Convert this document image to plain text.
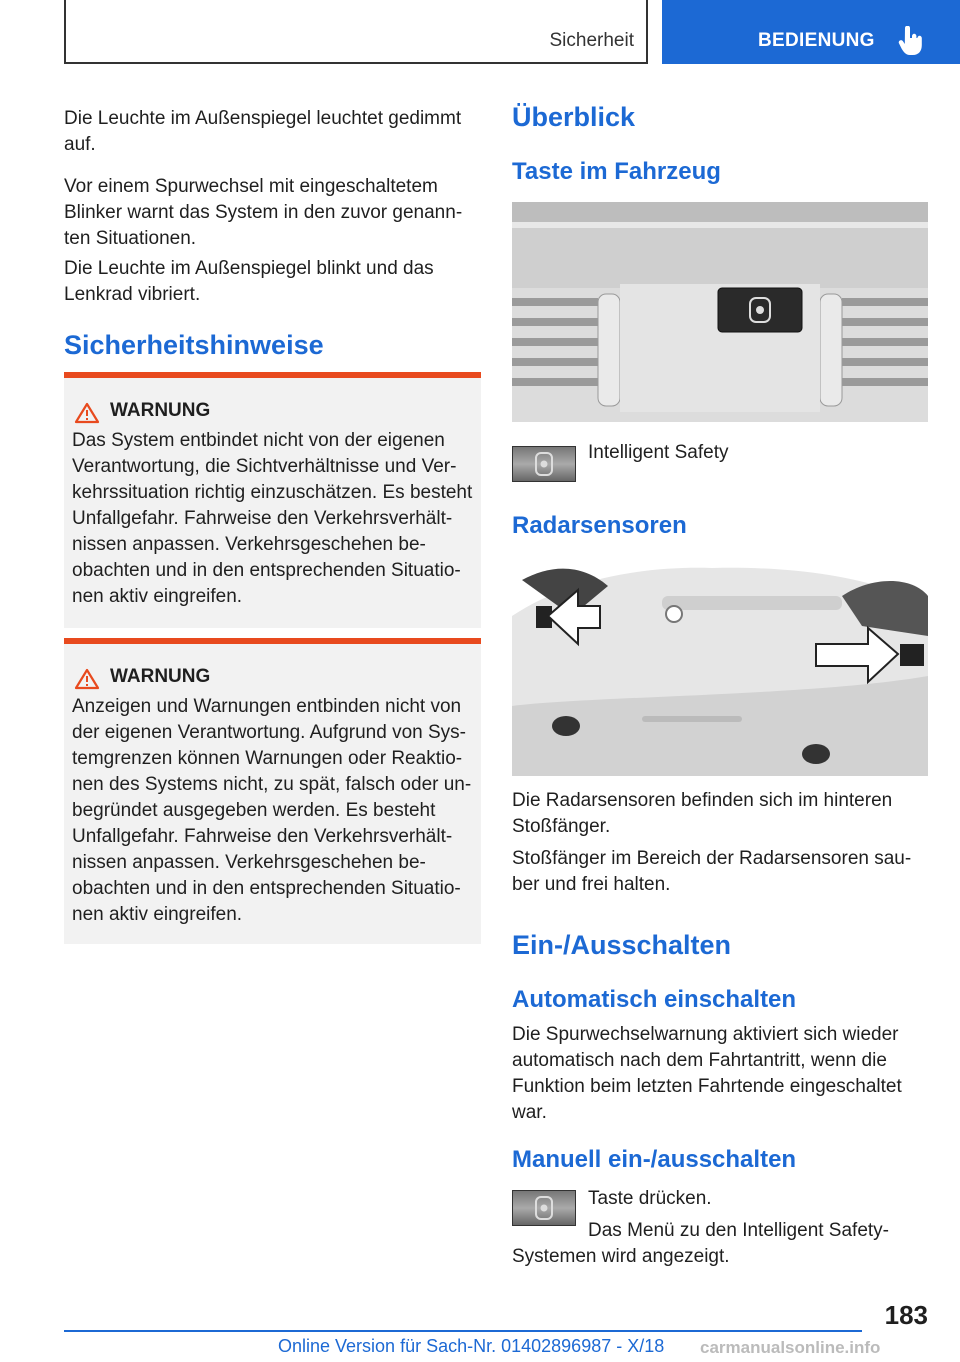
Sicherheit	BEDIENUNG

Die Leuchte im Außenspiegel leuchtet gedimmt auf.

Vor einem Spurwechsel mit eingeschaltetem Blinker warnt das System in den zuvor genann-ten Situationen.

Die Leuchte im Außenspiegel blinkt und das Lenkrad vibriert.

Sicherheitshinweise
WARNUNG

Das System entbindet nicht von der eigenen Verantwortung, die Sichtverhältnisse und Ver-kehrssituation richtig einzuschätzen. Es besteht Unfallgefahr. Fahrweise den Verkehrsverhält-nissen anpassen. Verkehrsgeschehen be-obachten und in den entsprechenden Situatio-nen aktiv eingreifen.

WARNUNG

Anzeigen und Warnungen entbinden nicht von der eigenen Verantwortung. Aufgrund von Sys-temgrenzen können Warnungen oder Reaktio-nen des Systems nicht, zu spät, falsch oder un-begründet ausgegeben werden. Es besteht Unfallgefahr. Fahrweise den Verkehrsverhält-nissen anpassen. Verkehrsgeschehen be-obachten und in den entsprechenden Situatio-nen aktiv eingreifen.

Überblick
Taste im Fahrzeug

Intelligent Safety

Radarsensoren

Die Radarsensoren befinden sich im hinteren Stoßfänger.

Stoßfänger im Bereich der Radarsensoren sau-ber und frei halten.

Ein-/Ausschalten
Automatisch einschalten

Die Spurwechselwarnung aktiviert sich wieder automatisch nach dem Fahrtantritt, wenn die Funktion beim letzten Fahrtende eingeschaltet war.

Manuell ein-/ausschalten

Taste drücken.

Das Menü zu den Intelligent Safety-Systemen wird angezeigt.

183
Online Version für Sach-Nr. 01402896987 - X/18 carmanualsonline.info
